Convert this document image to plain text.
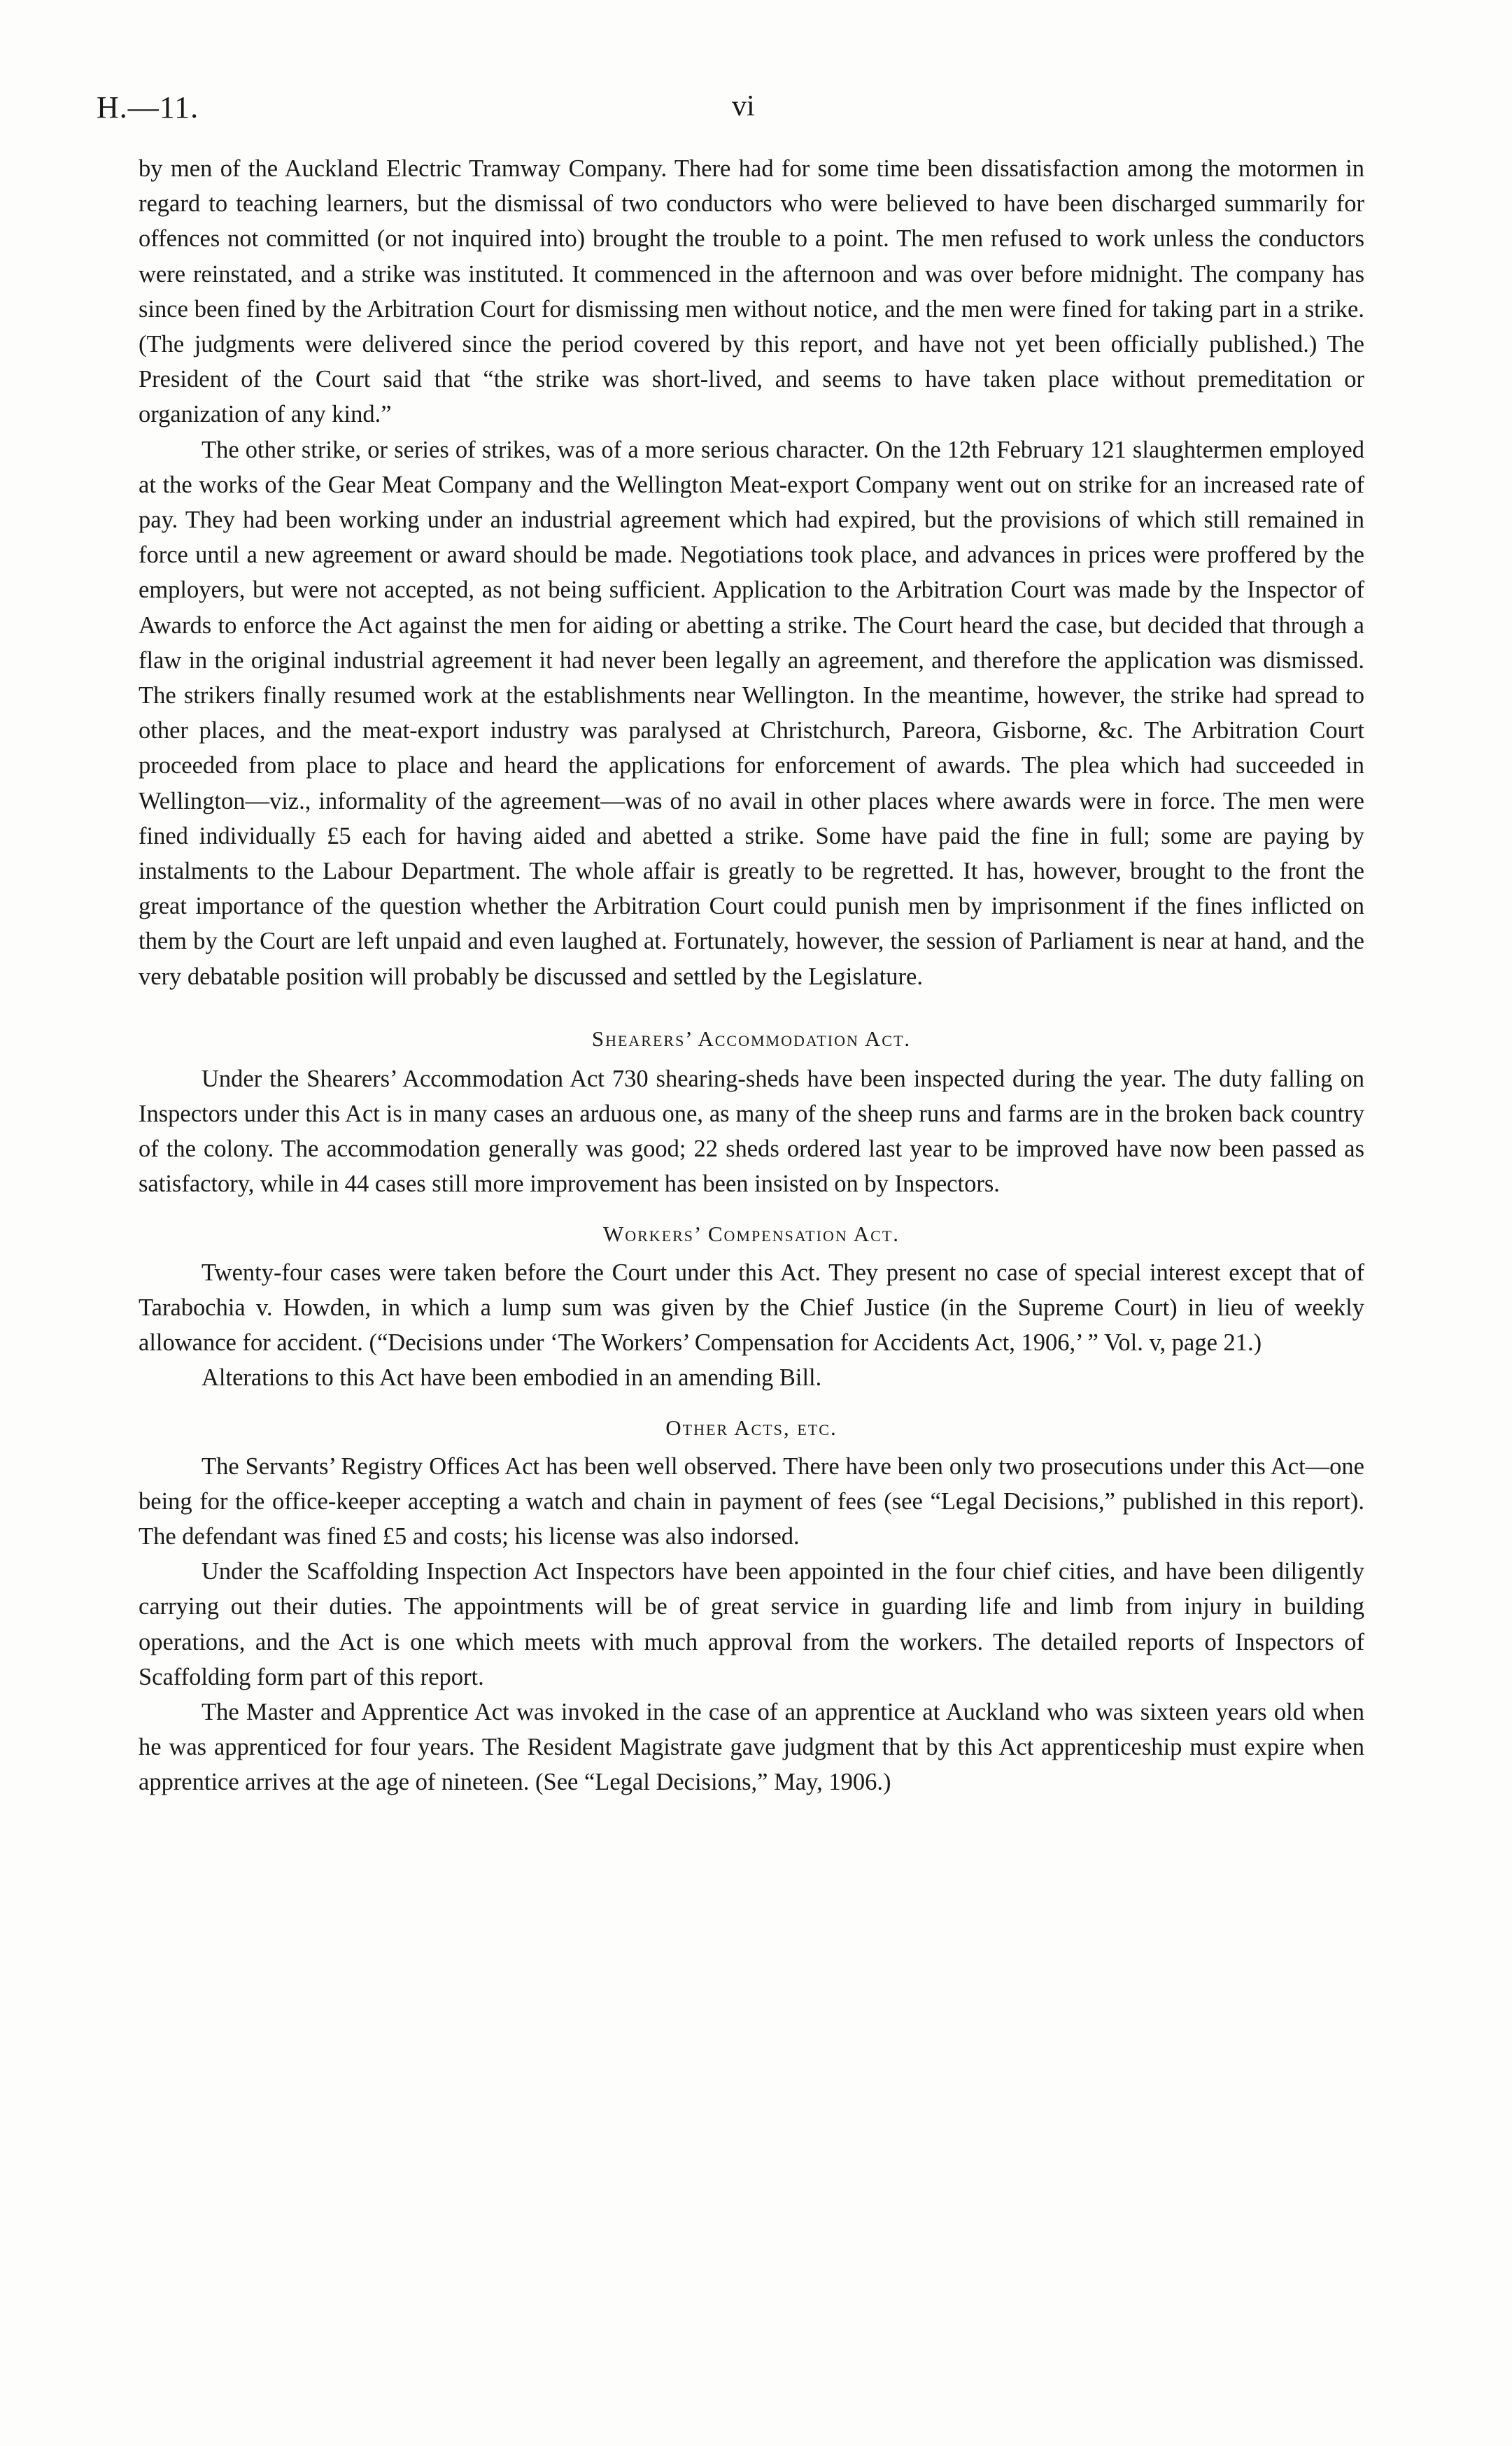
H.—11.	vi

by men of the Auckland Electric Tramway Company. There had for some time been dissatisfaction among the motormen in regard to teaching learners, but the dismissal of two conductors who were believed to have been discharged summarily for offences not committed (or not inquired into) brought the trouble to a point. The men refused to work unless the conductors were reinstated, and a strike was instituted. It commenced in the afternoon and was over before midnight. The company has since been fined by the Arbitration Court for dismissing men without notice, and the men were fined for taking part in a strike. (The judgments were delivered since the period covered by this report, and have not yet been officially published.) The President of the Court said that “the strike was short-lived, and seems to have taken place without premeditation or organization of any kind.”

The other strike, or series of strikes, was of a more serious character. On the 12th February 121 slaughtermen employed at the works of the Gear Meat Company and the Wellington Meat-export Company went out on strike for an increased rate of pay. They had been working under an industrial agreement which had expired, but the provisions of which still remained in force until a new agreement or award should be made. Negotiations took place, and advances in prices were proffered by the employers, but were not accepted, as not being sufficient. Application to the Arbitration Court was made by the Inspector of Awards to enforce the Act against the men for aiding or abetting a strike. The Court heard the case, but decided that through a flaw in the original industrial agreement it had never been legally an agreement, and therefore the application was dismissed. The strikers finally resumed work at the establishments near Wellington. In the meantime, however, the strike had spread to other places, and the meat-export industry was paralysed at Christchurch, Pareora, Gisborne, &c. The Arbitration Court proceeded from place to place and heard the applications for enforcement of awards. The plea which had succeeded in Wellington—viz., informality of the agreement—was of no avail in other places where awards were in force. The men were fined individually £5 each for having aided and abetted a strike. Some have paid the fine in full; some are paying by instalments to the Labour Department. The whole affair is greatly to be regretted. It has, however, brought to the front the great importance of the question whether the Arbitration Court could punish men by imprisonment if the fines inflicted on them by the Court are left unpaid and even laughed at. Fortunately, however, the session of Parliament is near at hand, and the very debatable position will probably be discussed and settled by the Legislature.

Shearers’ Accommodation Act.

Under the Shearers’ Accommodation Act 730 shearing-sheds have been inspected during the year. The duty falling on Inspectors under this Act is in many cases an arduous one, as many of the sheep runs and farms are in the broken back country of the colony. The accommodation generally was good; 22 sheds ordered last year to be improved have now been passed as satisfactory, while in 44 cases still more improvement has been insisted on by Inspectors.

Workers’ Compensation Act.

Twenty-four cases were taken before the Court under this Act. They present no case of special interest except that of Tarabochia v. Howden, in which a lump sum was given by the Chief Justice (in the Supreme Court) in lieu of weekly allowance for accident. (“Decisions under ‘The Workers’ Compensation for Accidents Act, 1906,’ ” Vol. v, page 21.)

Alterations to this Act have been embodied in an amending Bill.

Other Acts, etc.

The Servants’ Registry Offices Act has been well observed. There have been only two prosecutions under this Act—one being for the office-keeper accepting a watch and chain in payment of fees (see “Legal Decisions,” published in this report). The defendant was fined £5 and costs; his license was also indorsed.

Under the Scaffolding Inspection Act Inspectors have been appointed in the four chief cities, and have been diligently carrying out their duties. The appointments will be of great service in guarding life and limb from injury in building operations, and the Act is one which meets with much approval from the workers. The detailed reports of Inspectors of Scaffolding form part of this report.

The Master and Apprentice Act was invoked in the case of an apprentice at Auckland who was sixteen years old when he was apprenticed for four years. The Resident Magistrate gave judgment that by this Act apprenticeship must expire when apprentice arrives at the age of nineteen. (See “Legal Decisions,” May, 1906.)
